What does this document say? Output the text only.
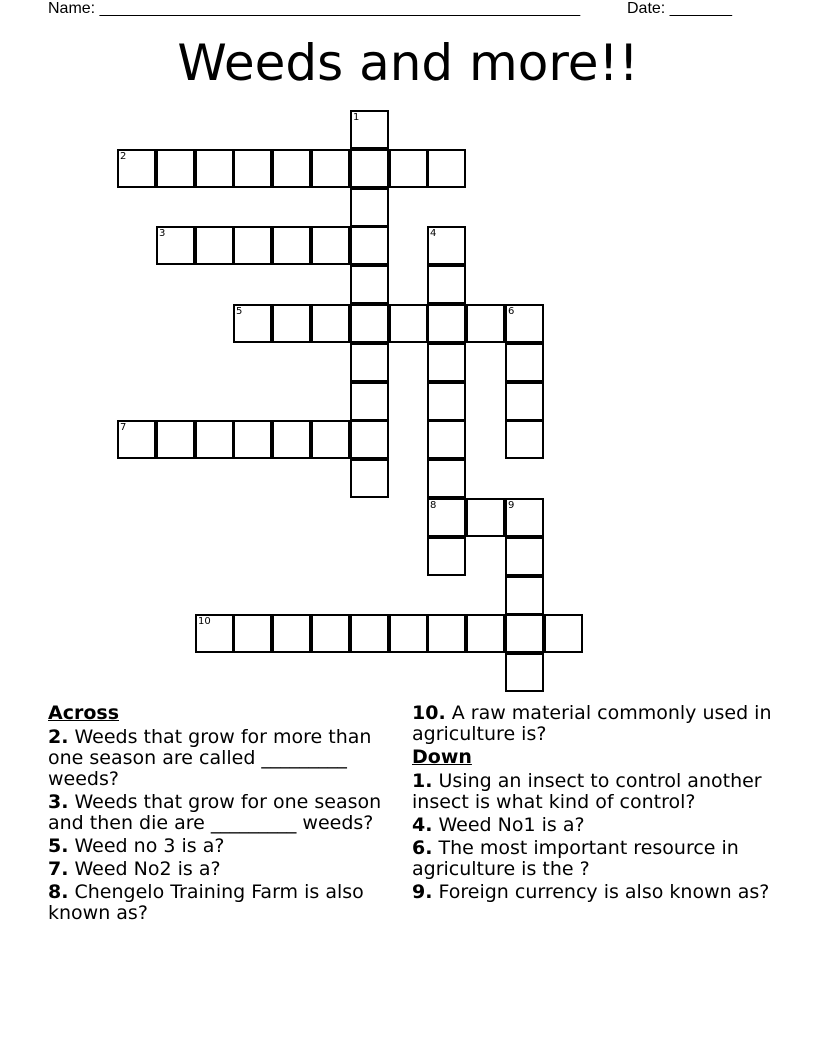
Name: ______________________________________________________	Date: _______
Weeds and more!!
1
2
3	4
5	6
7
8	9
10
Across
2. Weeds that grow for more than one season are called _________ weeds?
3. Weeds that grow for one season and then die are _________ weeds?
5. Weed no 3 is a?
7. Weed No2 is a?
8. Chengelo Training Farm is also known as?
10. A raw material commonly used in agriculture is?
Down
1. Using an insect to control another insect is what kind of control?
4. Weed No1 is a?
6. The most important resource in agriculture is the ?
9. Foreign currency is also known as?
